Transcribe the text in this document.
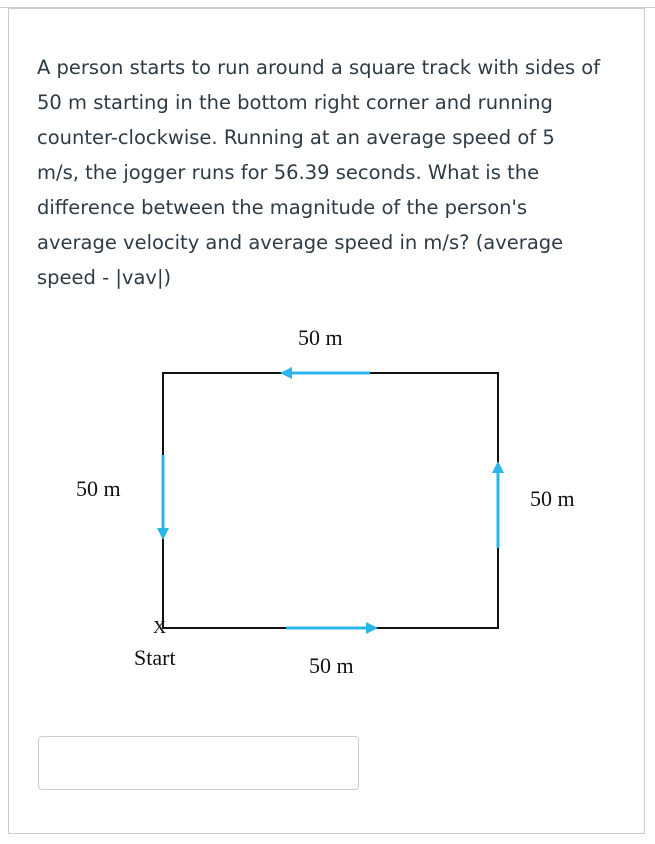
A person starts to run around a square track with sides of
50 m starting in the bottom right corner and running
counter-clockwise. Running at an average speed of 5
m/s, the jogger runs for 56.39 seconds. What is the
difference between the magnitude of the person's
average velocity and average speed in m/s? (average
speed - |vav|)
50 m
50 m	50 m
50 m
X
Start
